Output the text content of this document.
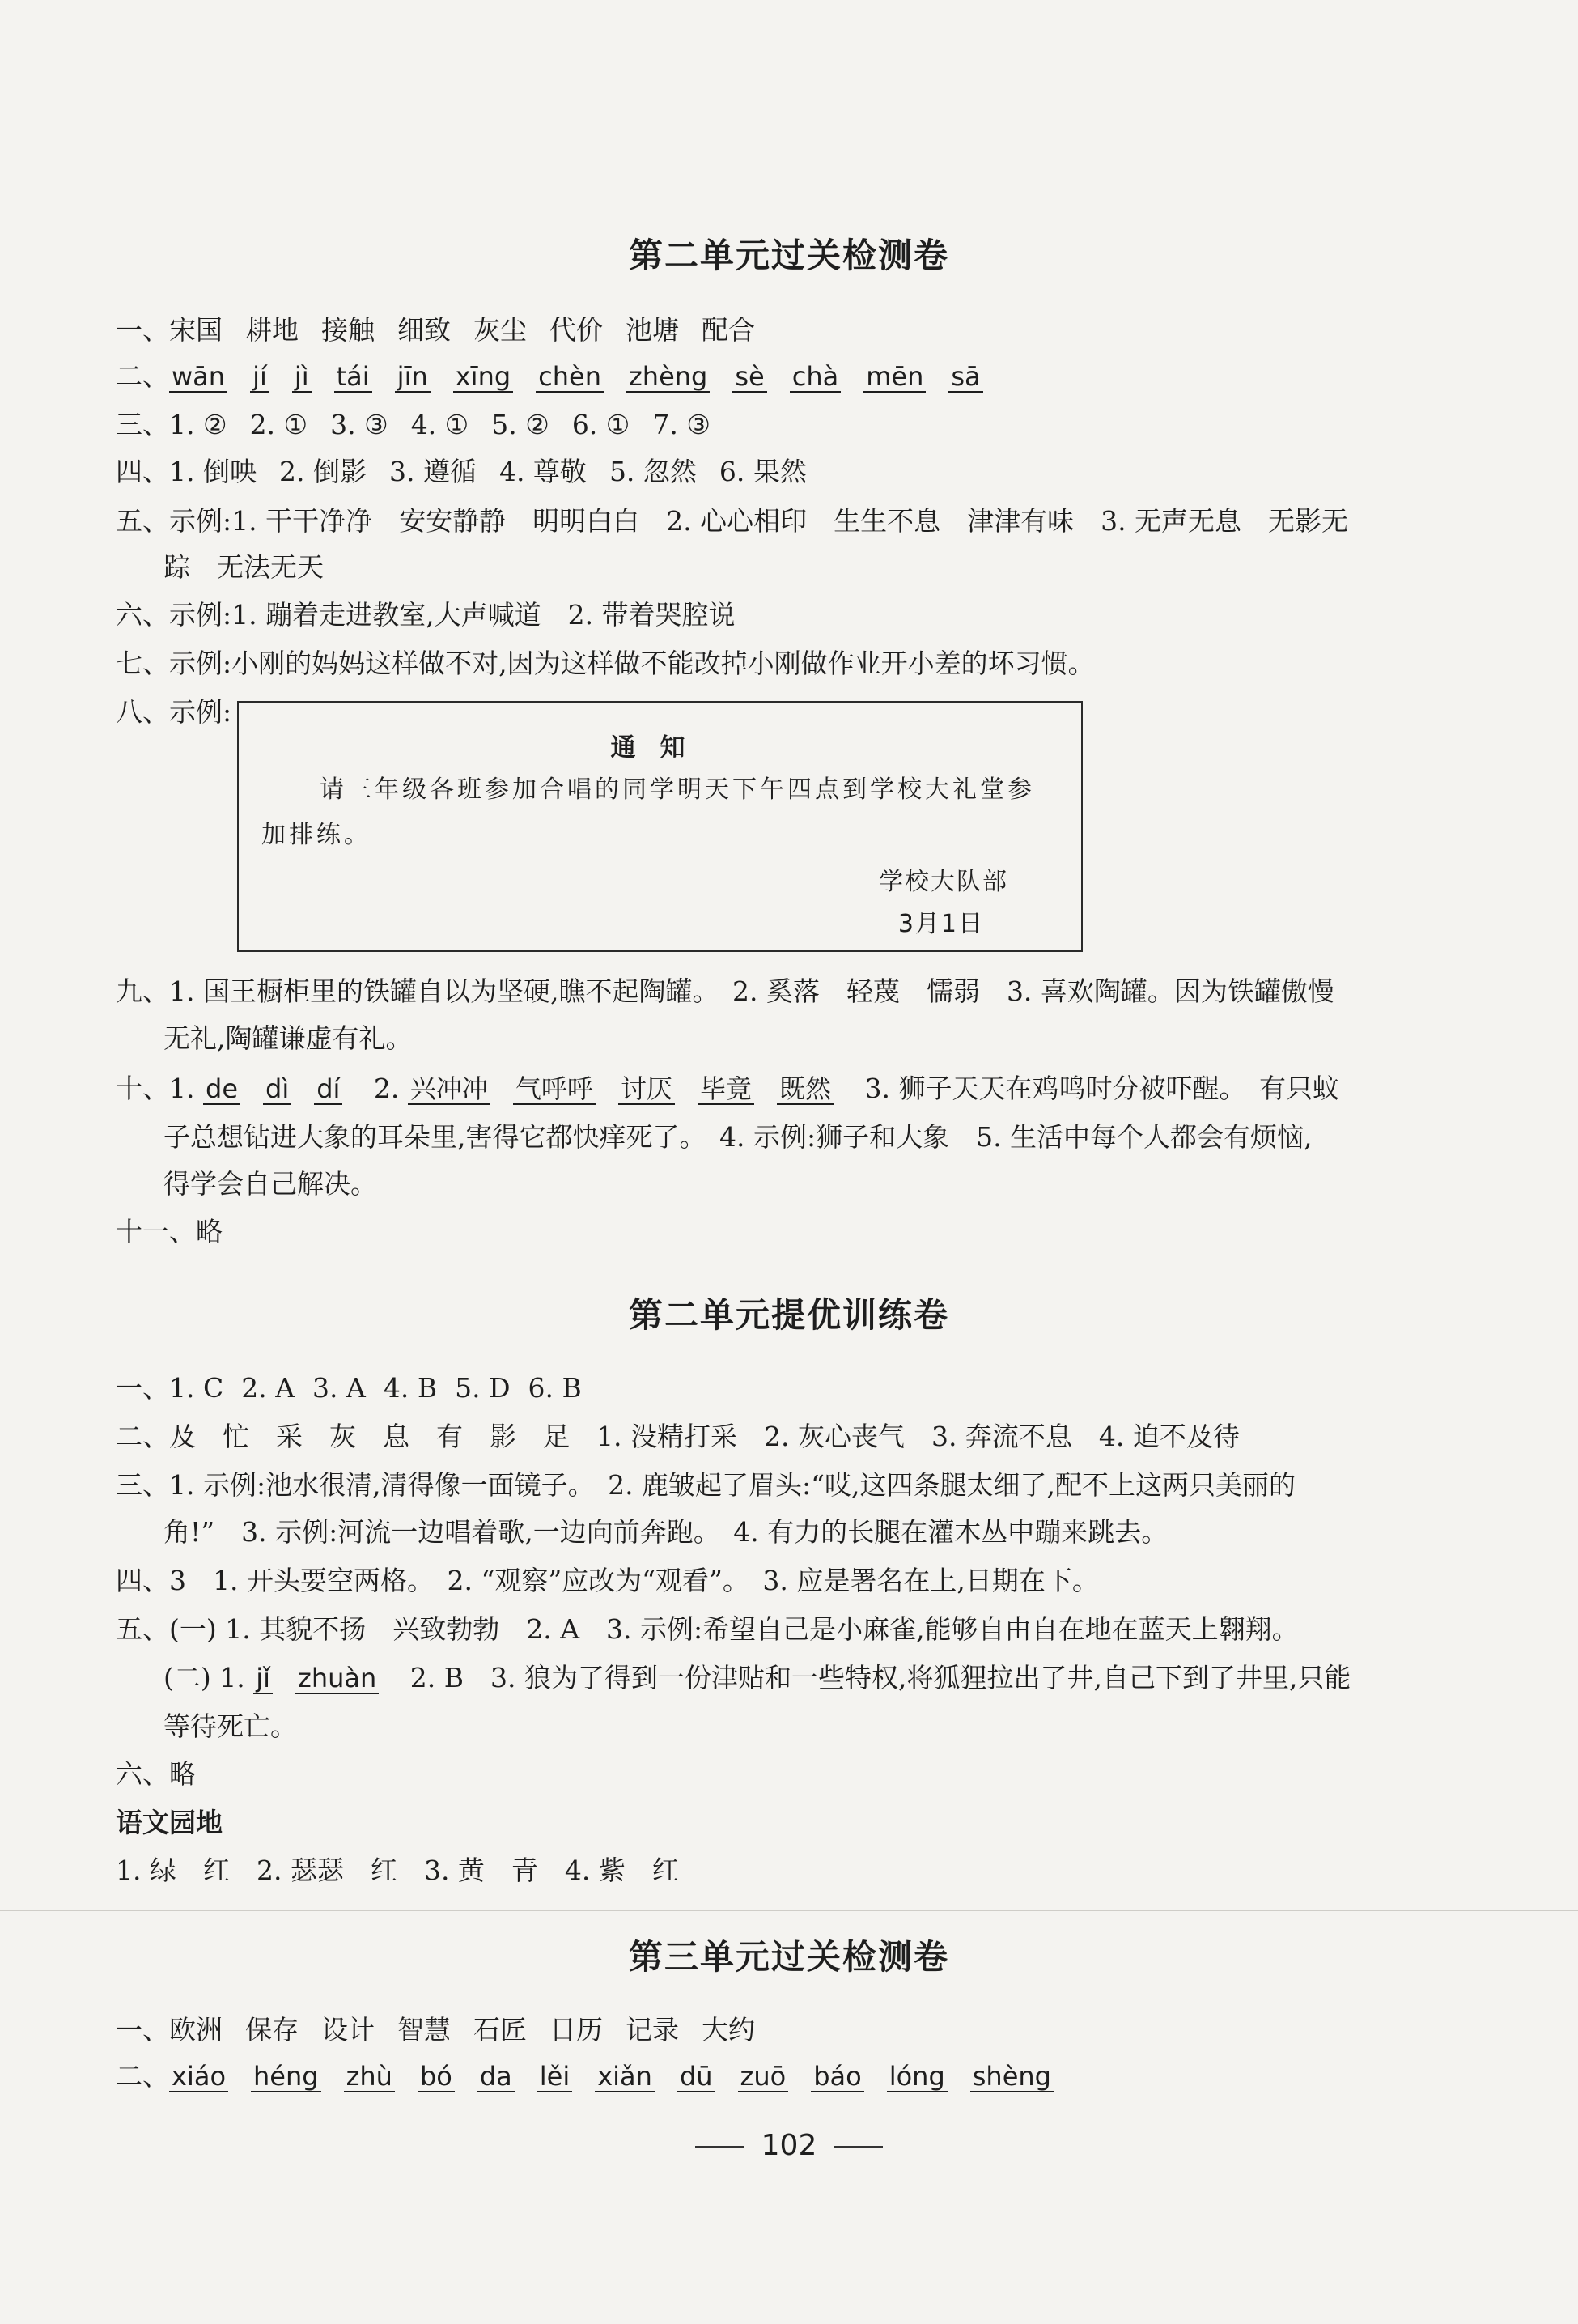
第二单元过关检测卷
一、宋国 耕地 接触 细致 灰尘 代价 池塘 配合
二、wān jí jì tái jīn xīng chèn zhèng sè chà mēn sā
三、1. ② 2. ① 3. ③ 4. ① 5. ② 6. ① 7. ③
四、1. 倒映 2. 倒影 3. 遵循 4. 尊敬 5. 忽然 6. 果然
五、示例:1. 干干净净　安安静静　明明白白　2. 心心相印　生生不息　津津有味　3. 无声无息　无影无
踪　无法无天
六、示例:1. 蹦着走进教室,大声喊道　2. 带着哭腔说
七、示例:小刚的妈妈这样做不对,因为这样做不能改掉小刚做作业开小差的坏习惯。
八、示例:
通知
请三年级各班参加合唱的同学明天下午四点到学校大礼堂参
加排练。
学校大队部
3月1日
九、1. 国王橱柜里的铁罐自以为坚硬,瞧不起陶罐。　2. 奚落　轻蔑　懦弱　3. 喜欢陶罐。因为铁罐傲慢
无礼,陶罐谦虚有礼。
十、1. de dì dí 2. 兴冲冲 气呼呼 讨厌 毕竟 既然 3. 狮子天天在鸡鸣时分被吓醒。　有只蚊
子总想钻进大象的耳朵里,害得它都快痒死了。　4. 示例:狮子和大象　5. 生活中每个人都会有烦恼,
得学会自己解决。
十一、略
第二单元提优训练卷
一、1. C 2. A 3. A 4. B 5. D 6. B
二、及　忙　采　灰　息　有　影　足　1. 没精打采　2. 灰心丧气　3. 奔流不息　4. 迫不及待
三、1. 示例:池水很清,清得像一面镜子。　2. 鹿皱起了眉头:“哎,这四条腿太细了,配不上这两只美丽的
角!”　3. 示例:河流一边唱着歌,一边向前奔跑。　4. 有力的长腿在灌木丛中蹦来跳去。
四、3　1. 开头要空两格。　2. “观察”应改为“观看”。　3. 应是署名在上,日期在下。
五、(一) 1. 其貌不扬　兴致勃勃　2. A　3. 示例:希望自己是小麻雀,能够自由自在地在蓝天上翱翔。
(二) 1. jǐ zhuàn 2. B　3. 狼为了得到一份津贴和一些特权,将狐狸拉出了井,自己下到了井里,只能
等待死亡。
六、略
语文园地
1. 绿　红　2. 瑟瑟　红　3. 黄　青　4. 紫　红
第三单元过关检测卷
一、欧洲 保存 设计 智慧 石匠 日历 记录 大约
二、xiáo héng zhù bó da lěi xiǎn dū zuō báo lóng shèng
102
